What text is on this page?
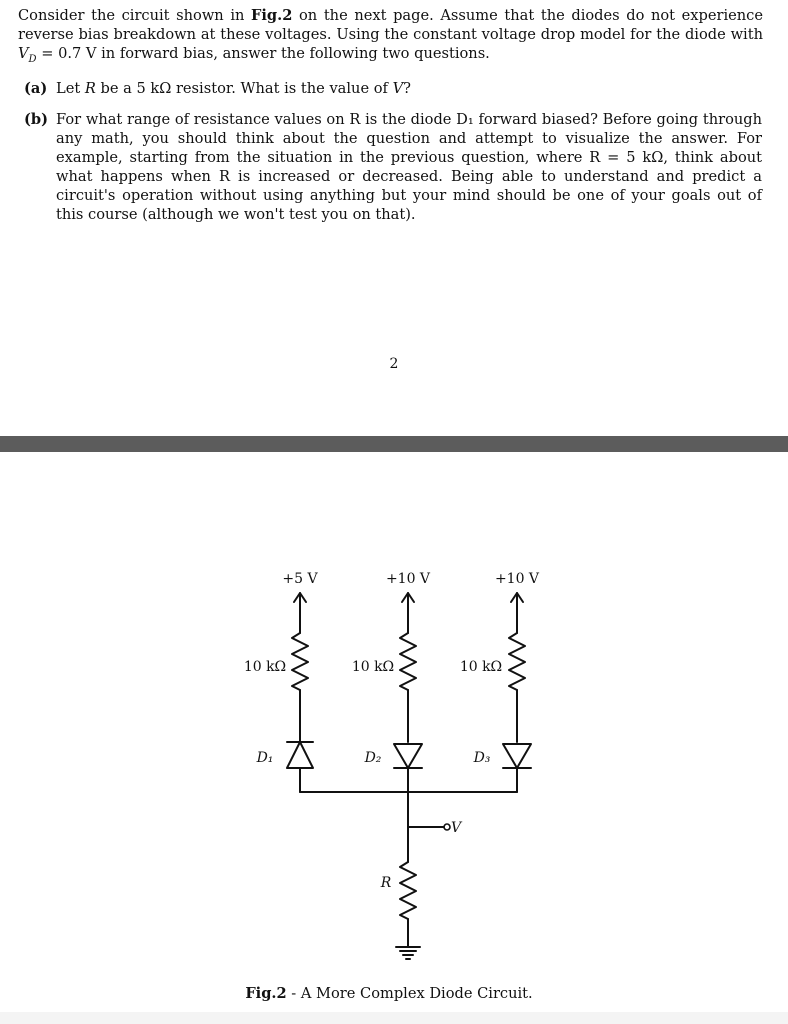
Consider the circuit shown in Fig.2 on the next page. Assume that the diodes do not experience reverse bias breakdown at these voltages. Using the constant voltage drop model for the diode with $V_D = 0.7$ V in forward bias, answer the following two questions.
(a) Let R be a 5 kΩ resistor. What is the value of V?
(b) For what range of resistance values on R is the diode D₁ forward biased? Before going through any math, you should think about the question and attempt to visualize the answer. For example, starting from the situation in the previous question, where R = 5 kΩ, think about what happens when R is increased or decreased. Being able to understand and predict a circuit's operation without using anything but your mind should be one of your goals out of this course (although we won't test you on that).
2
+5 V	+10 V	+10 V
10 kΩ	10 kΩ	10 kΩ
D₁	D₂	D₃
V
R
Fig.2 - A More Complex Diode Circuit.
